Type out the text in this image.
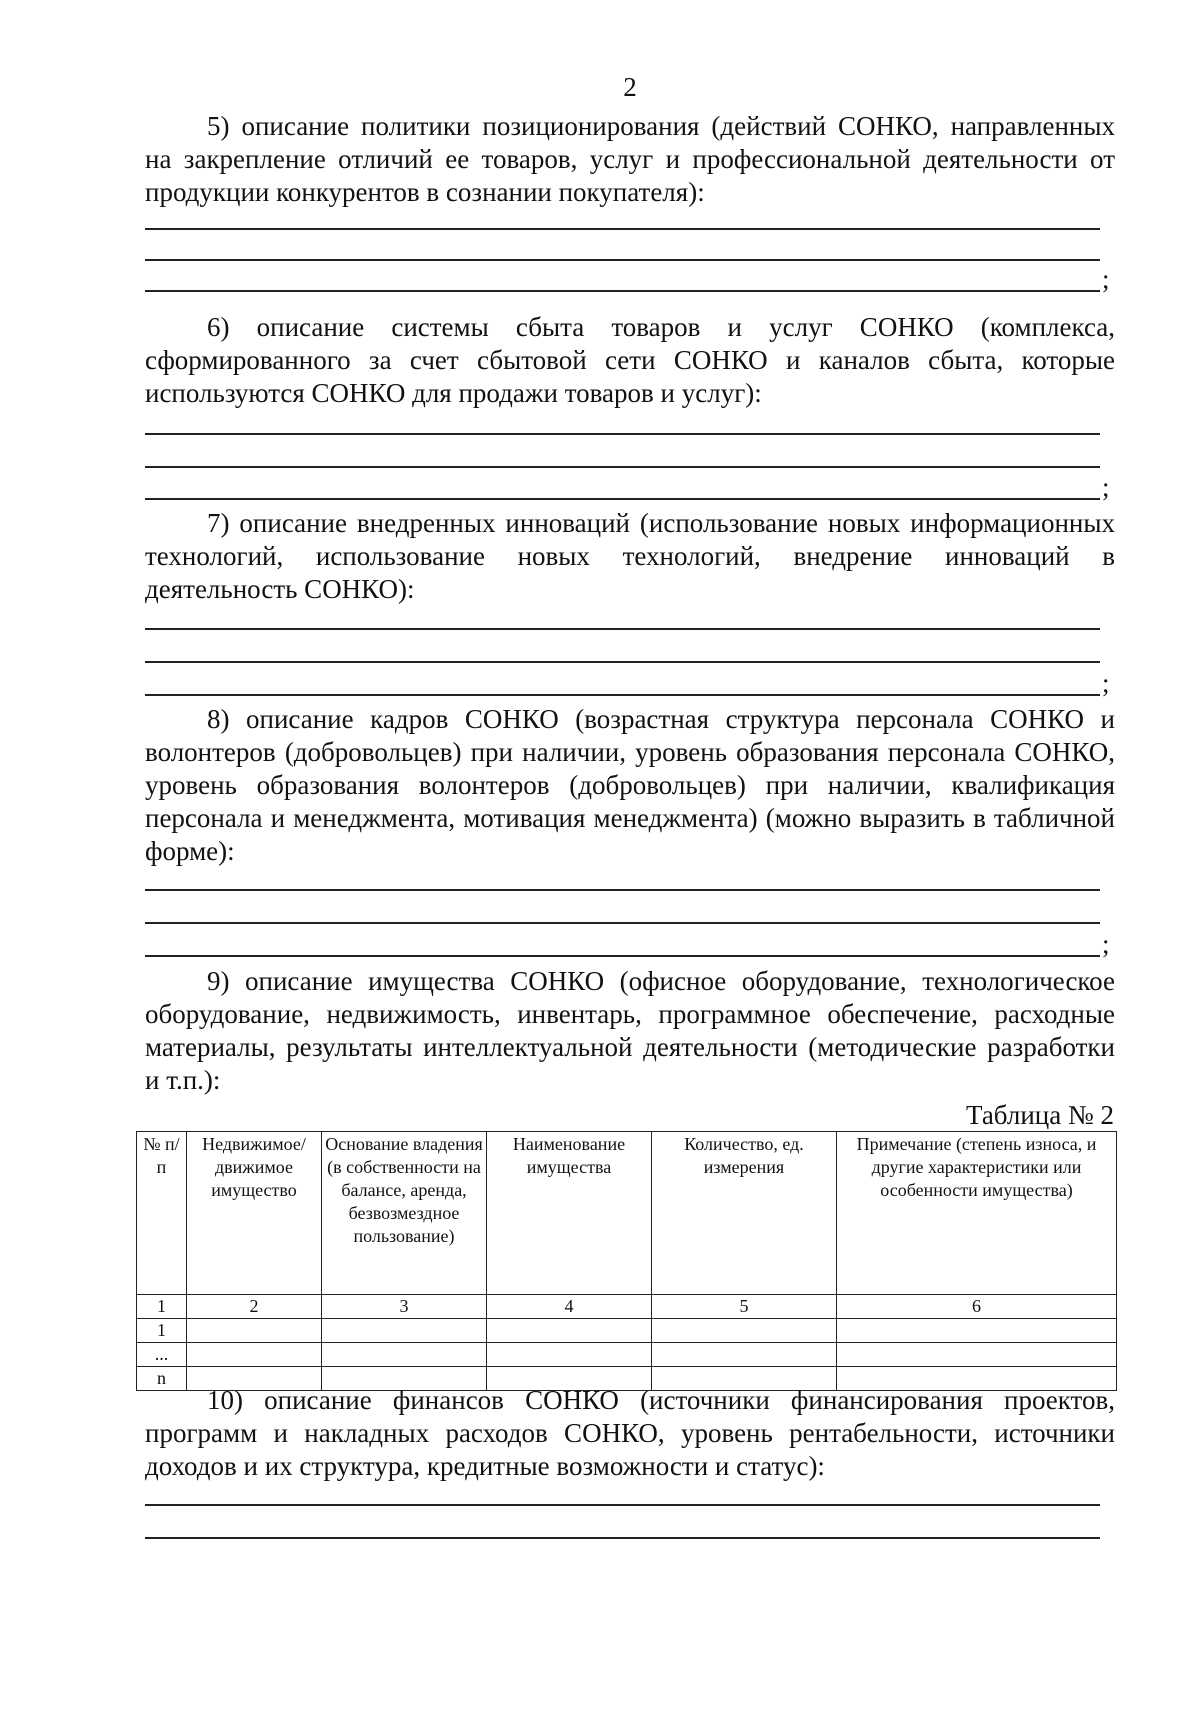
2
5) описание политики позиционирования (действий СОНКО, направленных на закрепление отличий ее товаров, услуг и профессиональной деятельности от продукции конкурентов в сознании покупателя):
;
6) описание системы сбыта товаров и услуг СОНКО (комплекса, сформированного за счет сбытовой сети СОНКО и каналов сбыта, которые используются СОНКО для продажи товаров и услуг):
;
7) описание внедренных инноваций (использование новых информационных технологий, использование новых технологий, внедрение инноваций в деятельность СОНКО):
;
8) описание кадров СОНКО (возрастная структура персонала СОНКО и волонтеров (добровольцев) при наличии, уровень образования персонала СОНКО, уровень образования волонтеров (добровольцев) при наличии, квалификация персонала и менеджмента, мотивация менеджмента) (можно выразить в табличной форме):
;
9) описание имущества СОНКО (офисное оборудование, технологическое оборудование, недвижимость, инвентарь, программное обеспечение, расходные материалы, результаты интеллектуальной деятельности (методические разработки и т.п.):
Таблица № 2
№ п/п	Недвижимое/ движимое имущество	Основание владения (в собственности на балансе, аренда, безвозмездное пользование)	Наименование имущества	Количество, ед. измерения	Примечание (степень износа, и другие характеристики или особенности имущества)
1	2	3	4	5	6
1					
...					
n					
10) описание финансов СОНКО (источники финансирования проектов, программ и накладных расходов СОНКО, уровень рентабельности, источники доходов и их структура, кредитные возможности и статус):
